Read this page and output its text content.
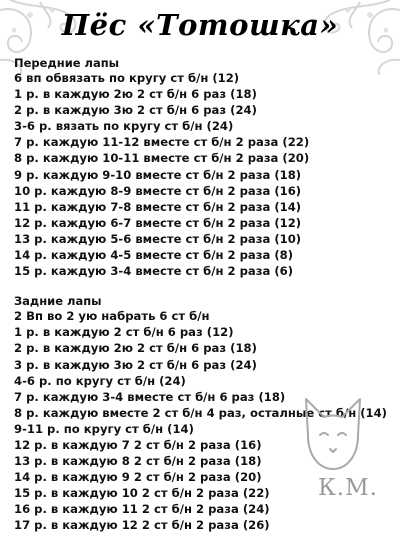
Пёс «Тотошка»
Передние лапы
6 вп обвязать по кругу ст б/н (12)
1 р. в каждую 2ю 2 ст б/н 6 раз (18)
2 р. в каждую 3ю 2 ст б/н 6 раз (24)
3-6 р. вязать по кругу ст б/н (24)
7 р. каждую 11-12 вместе ст б/н 2 раза (22)
8 р. каждую 10-11 вместе ст б/н 2 раза (20)
9 р. каждую 9-10 вместе ст б/н 2 раза (18)
10 р. каждую 8-9 вместе ст б/н 2 раза (16)
11 р. каждую 7-8 вместе ст б/н 2 раза (14)
12 р. каждую 6-7 вместе ст б/н 2 раза (12)
13 р. каждую 5-6 вместе ст б/н 2 раза (10)
14 р. каждую 4-5 вместе ст б/н 2 раза (8)
15 р. каждую 3-4 вместе ст б/н 2 раза (6)
Задние лапы
2 Вп во 2 ую набрать 6 ст б/н
1 р. в каждую 2 ст б/н 6 раз (12)
2 р. в каждую 2ю 2 ст б/н 6 раз (18)
3 р. в каждую 3ю 2 ст б/н 6 раз (24)
4-6 р. по кругу ст б/н (24)
7 р. каждую 3-4 вместе ст б/н 6 раз (18)
8 р. каждую вместе 2 ст б/н 4 раз, осталные ст б/н (14)
9-11 р. по кругу ст б/н (14)
12 р. в каждую 7 2 ст б/н 2 раза (16)
13 р. в каждую 8 2 ст б/н 2 раза (18)
14 р. в каждую 9 2 ст б/н 2 раза (20)
15 р. в каждую 10 2 ст б/н 2 раза (22)
16 р. в каждую 11 2 ст б/н 2 раза (24)
17 р. в каждую 12 2 ст б/н 2 раза (26)
К.М.
